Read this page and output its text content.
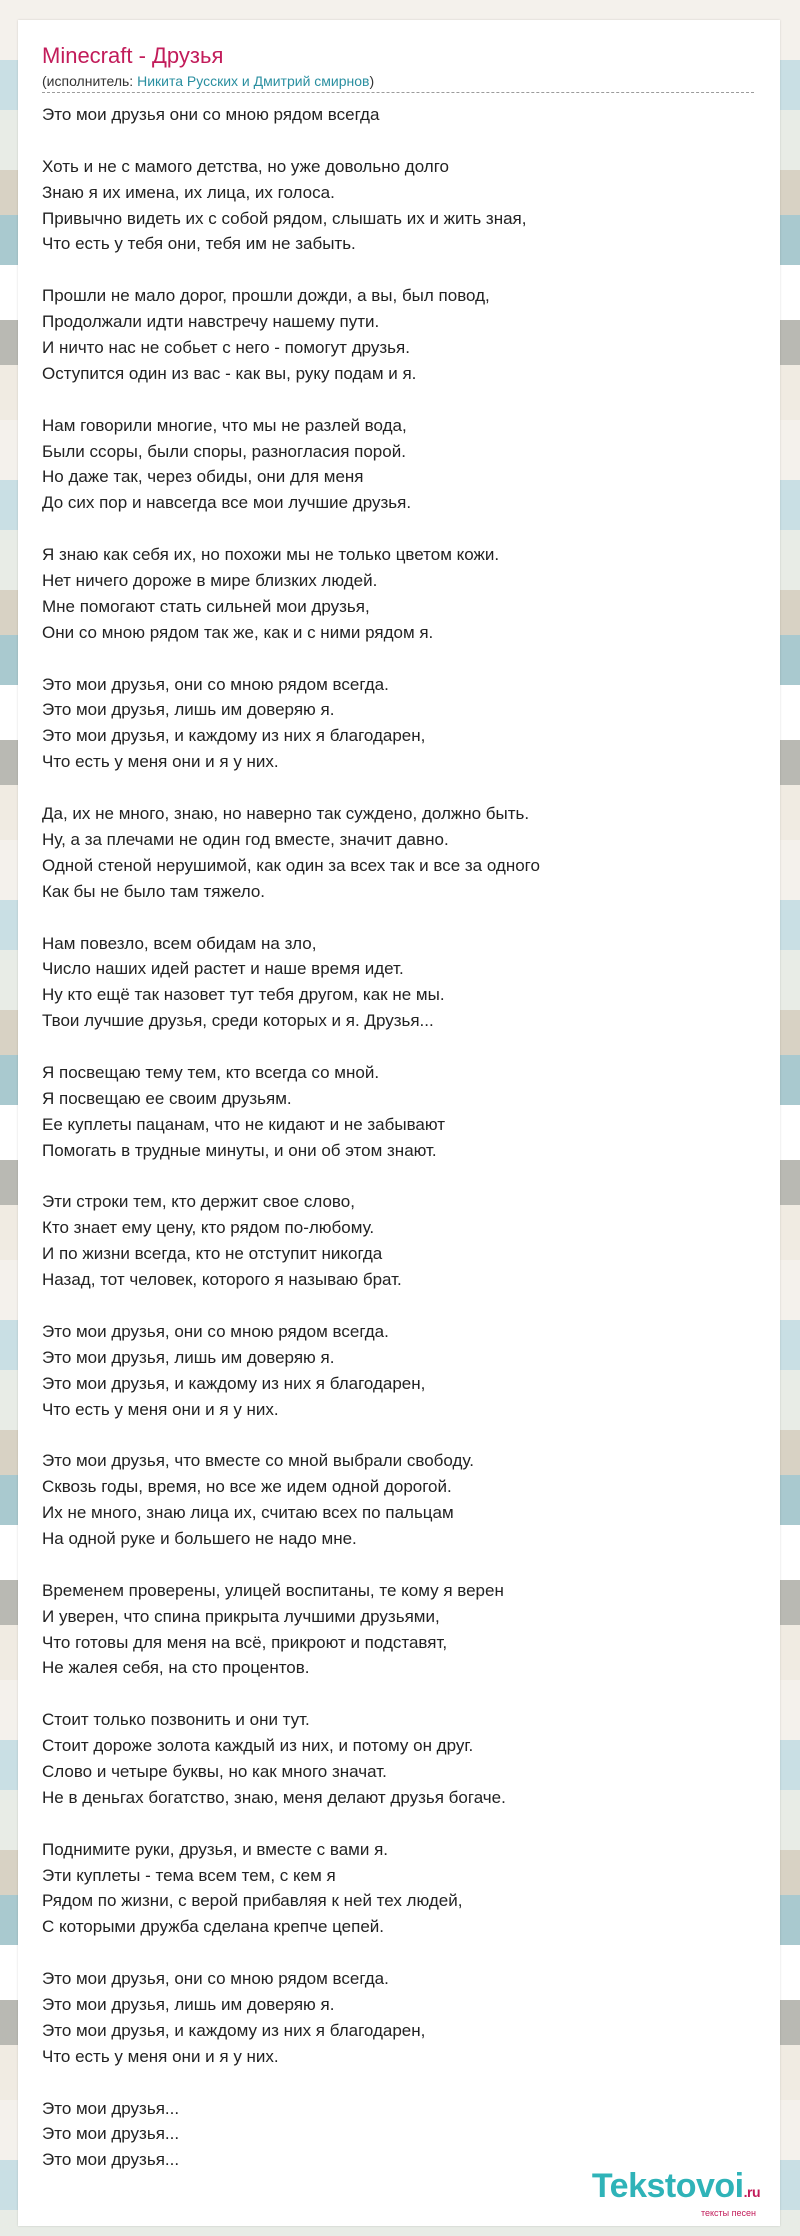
Minecraft - Друзья
(исполнитель: Никита Русских и Дмитрий смирнов)
Это мои друзья они со мною рядом всегда
Хоть и не с мамого детства, но уже довольно долго
Знаю я их имена, их лица, их голоса.
Привычно видеть их с собой рядом, слышать их и жить зная,
Что есть у тебя они, тебя им не забыть.
Прошли не мало дорог, прошли дожди, а вы, был повод,
Продолжали идти навстречу нашему пути.
И ничто нас не собьет с него - помогут друзья.
Оступится один из вас - как вы, руку подам и я.
Нам говорили многие, что мы не разлей вода,
Были ссоры, были споры, разногласия порой.
Но даже так, через обиды, они для меня
До сих пор и навсегда все мои лучшие друзья.
Я знаю как себя их, но похожи мы не только цветом кожи.
Нет ничего дороже в мире близких людей.
Мне помогают стать сильней мои друзья,
Они со мною рядом так же, как и с ними рядом я.
Это мои друзья, они со мною рядом всегда.
Это мои друзья, лишь им доверяю я.
Это мои друзья, и каждому из них я благодарен,
Что есть у меня они и я у них.
Да, их не много, знаю, но наверно так суждено, должно быть.
Ну, а за плечами не один год вместе, значит давно.
Одной стеной нерушимой, как один за всех так и все за одного
Как бы не было там тяжело.
Нам повезло, всем обидам на зло,
Число наших идей растет и наше время идет.
Ну кто ещё так назовет тут тебя другом, как не мы.
Твои лучшие друзья, среди которых и я. Друзья...
Я посвещаю тему тем, кто всегда со мной.
Я посвещаю ее своим друзьям.
Ее куплеты пацанам, что не кидают и не забывают
Помогать в трудные минуты, и они об этом знают.
Эти строки тем, кто держит свое слово,
Кто знает ему цену, кто рядом по-любому.
И по жизни всегда, кто не отступит никогда
Назад, тот человек, которого я называю брат.
Это мои друзья, они со мною рядом всегда.
Это мои друзья, лишь им доверяю я.
Это мои друзья, и каждому из них я благодарен,
Что есть у меня они и я у них.
Это мои друзья, что вместе со мной выбрали свободу.
Сквозь годы, время, но все же идем одной дорогой.
Их не много, знаю лица их, считаю всех по пальцам
На одной руке и большего не надо мне.
Временем проверены, улицей воспитаны, те кому я верен
И уверен, что спина прикрыта лучшими друзьями,
Что готовы для меня на всё, прикроют и подставят,
Не жалея себя, на сто процентов.
Стоит только позвонить и они тут.
Стоит дороже золота каждый из них, и потому он друг.
Слово и четыре буквы, но как много значат.
Не в деньгах богатство, знаю, меня делают друзья богаче.
Поднимите руки, друзья, и вместе с вами я.
Эти куплеты - тема всем тем, с кем я
Рядом по жизни, с верой прибавляя к ней тех людей,
С которыми дружба сделана крепче цепей.
Это мои друзья, они со мною рядом всегда.
Это мои друзья, лишь им доверяю я.
Это мои друзья, и каждому из них я благодарен,
Что есть у меня они и я у них.
Это мои друзья...
Это мои друзья...
Это мои друзья...
Tekstovoi.ru
тексты песен
